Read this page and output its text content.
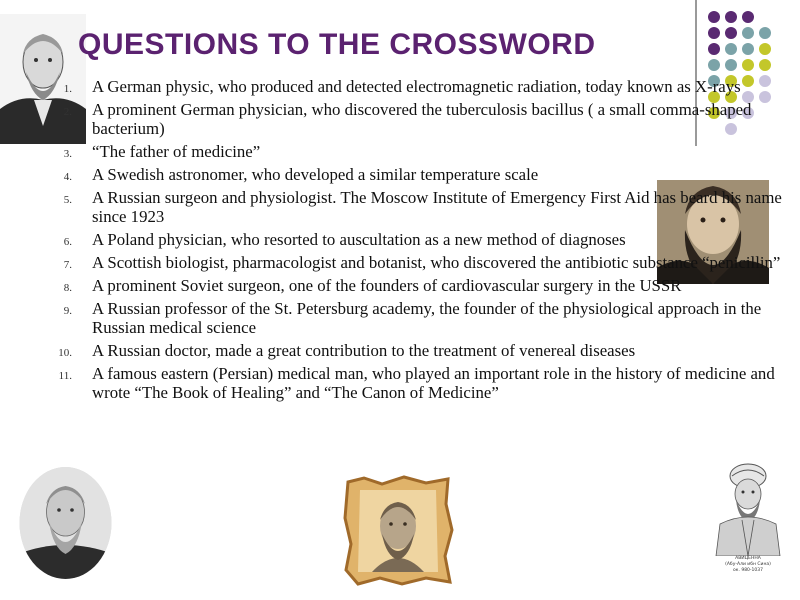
АВИЦЕННА
(Абу-Али ибн Сина)
ок. 980-1037
QUESTIONS TO THE CROSSWORD
1. A German physic, who produced and detected electromagnetic radiation, today known as X-rays
2. A prominent German physician, who discovered the tuberculosis bacillus ( a small comma-shaped bacterium)
3. “The father of medicine”
4. A Swedish astronomer, who developed a similar temperature scale
5. A Russian surgeon and physiologist. The Moscow Institute of Emergency First Aid has beard his name since 1923
6. A Poland physician, who resorted to auscultation as a new method of diagnoses
7. A Scottish biologist, pharmacologist and botanist, who discovered the antibiotic substance “penicillin”
8. A prominent Soviet surgeon, one of the founders of cardiovascular surgery in the USSR
9. A Russian professor of the St. Petersburg academy, the founder of the physiological approach in the Russian medical science
10. A Russian doctor, made a great contribution to the treatment of venereal diseases
11. A famous eastern (Persian) medical man, who played an important role in the history of medicine and wrote “The Book of Healing” and “The Canon of Medicine”
